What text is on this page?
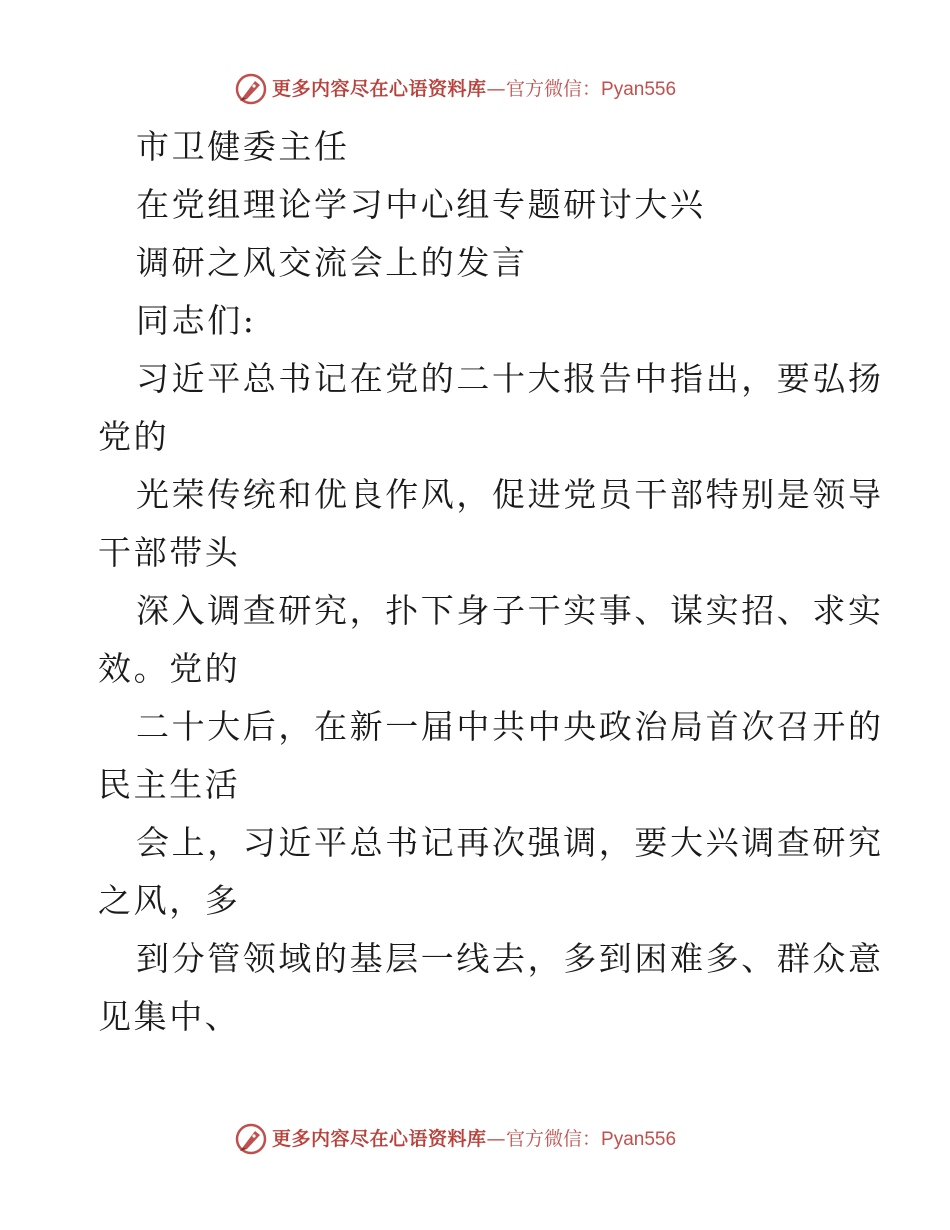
更多内容尽在心语资料库—官方微信：Pyan556
市卫健委主任
在党组理论学习中心组专题研讨大兴
调研之风交流会上的发言
同志们:
习近平总书记在党的二十大报告中指出，要弘扬
党的
光荣传统和优良作风，促进党员干部特别是领导
干部带头
深入调查研究，扑下身子干实事、谋实招、求实
效。党的
二十大后，在新一届中共中央政治局首次召开的
民主生活
会上，习近平总书记再次强调，要大兴调查研究
之风，多
到分管领域的基层一线去，多到困难多、群众意
见集中、
更多内容尽在心语资料库—官方微信：Pyan556
